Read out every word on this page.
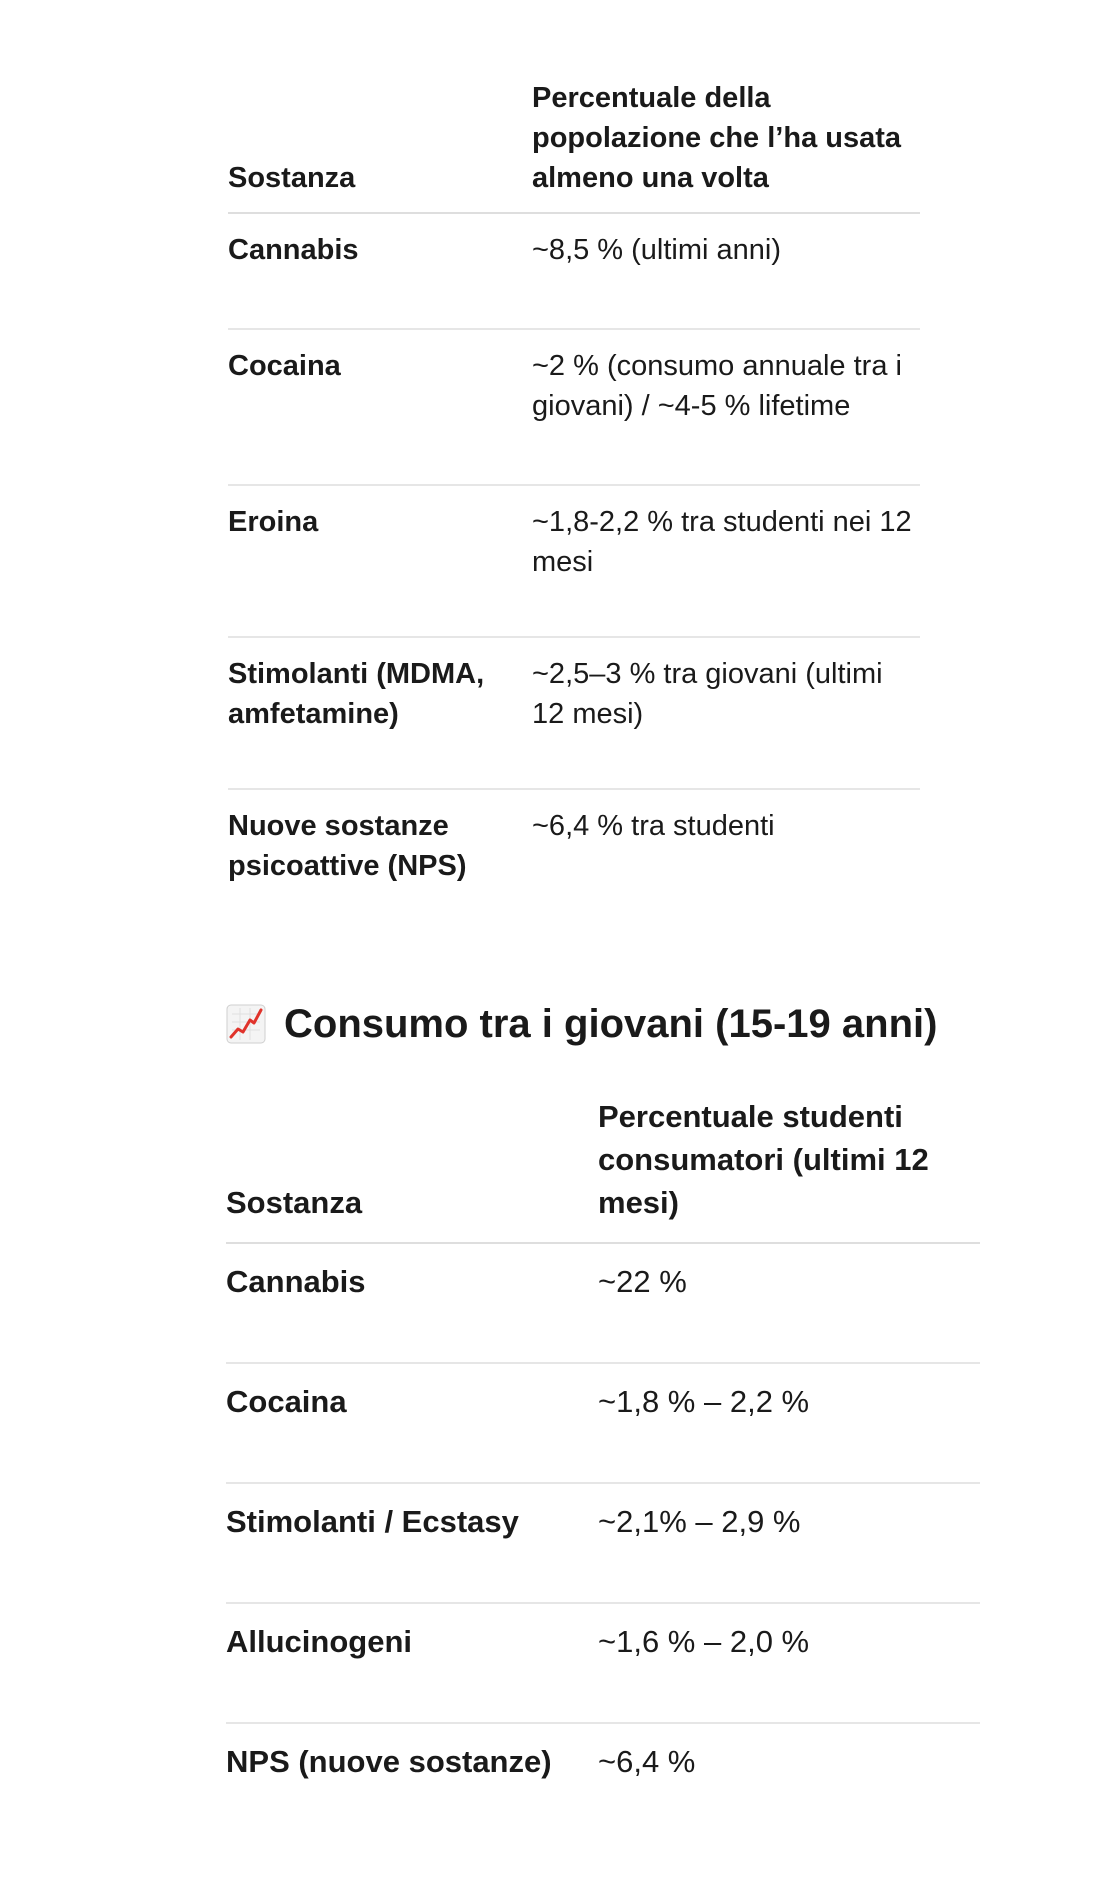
Sostanza	Percentuale della popolazione che l’ha usata almeno una volta
Cannabis	~8,5 % (ultimi anni)
Cocaina	~2 % (consumo annuale tra i giovani) / ~4-5 % lifetime
Eroina	~1,8-2,2 % tra studenti nei 12 mesi
Stimolanti (MDMA, amfetamine)	~2,5–3 % tra giovani (ultimi 12 mesi)
Nuove sostanze psicoattive (NPS)	~6,4 % tra studenti
Consumo tra i giovani (15-19 anni)
Sostanza	Percentuale studenti consumatori (ultimi 12 mesi)
Cannabis	~22 %
Cocaina	~1,8 % – 2,2 %
Stimolanti / Ecstasy	~2,1% – 2,9 %
Allucinogeni	~1,6 % – 2,0 %
NPS (nuove sostanze)	~6,4 %
